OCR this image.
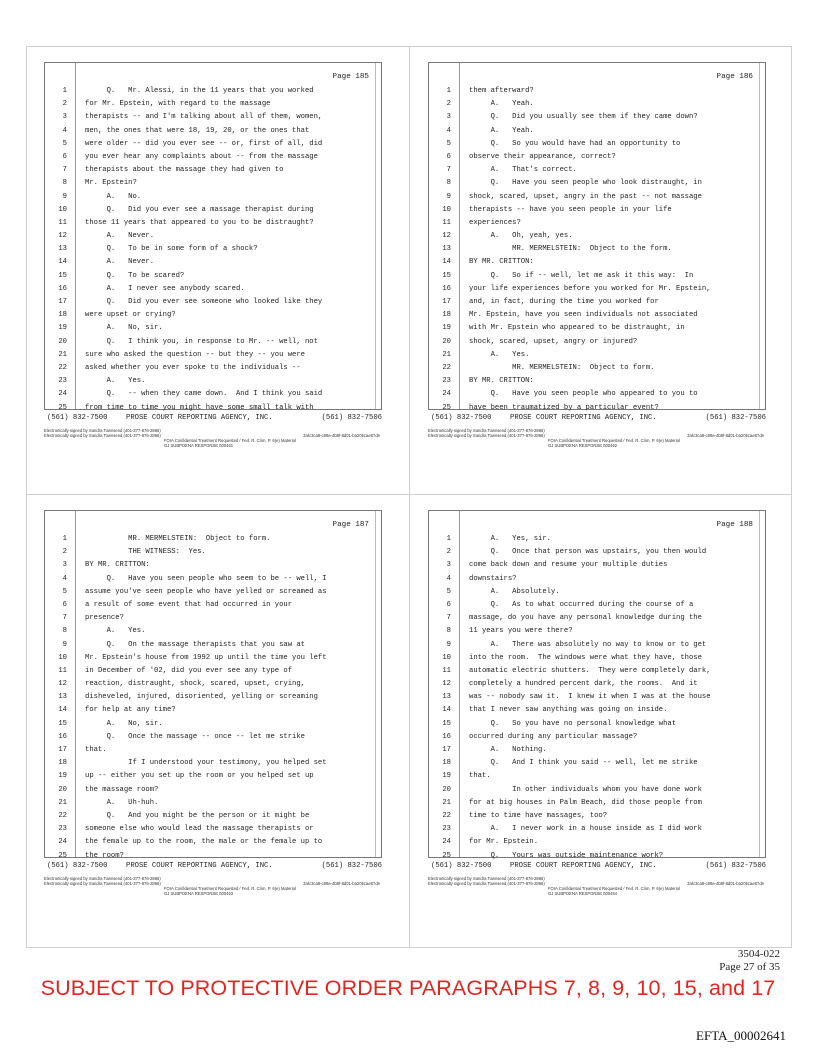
Page 185
1	Q.   Mr. Alessi, in the 11 years that you worked
2	for Mr. Epstein, with regard to the massage
3	therapists -- and I'm talking about all of them, women,
4	men, the ones that were 18, 19, 20, or the ones that
5	were older -- did you ever see -- or, first of all, did
6	you ever hear any complaints about -- from the massage
7	therapists about the massage they had given to
8	Mr. Epstein?
9	A.   No.
10	Q.   Did you ever see a massage therapist during
11	those 11 years that appeared to you to be distraught?
12	A.   Never.
13	Q.   To be in some form of a shock?
14	A.   Never.
15	Q.   To be scared?
16	A.   I never see anybody scared.
17	Q.   Did you ever see someone who looked like they
18	were upset or crying?
19	A.   No, sir.
20	Q.   I think you, in response to Mr. -- well, not
21	sure who asked the question -- but they -- you were
22	asked whether you ever spoke to the individuals --
23	A.   Yes.
24	Q.   -- when they came down.  And I think you said
25	from time to time you might have some small talk with
(561) 832-7500	PROSE COURT REPORTING AGENCY, INC.	(561) 832-7506
Electronically signed by Sandra Townsend (401-377-876-2866)
Electronically signed by Sandra Townsend (401-377-876-2866)
FOIA Confidential Treatment Requested / Fed. R. Crim. P. 6(e) Material

GJ SUBPOENA RESPONSE 000461
3afc3ca8-c89a-4b8f-8d01-ba20bcae87de
Page 186
1	them afterward?
2	A.   Yeah.
3	Q.   Did you usually see them if they came down?
4	A.   Yeah.
5	Q.   So you would have had an opportunity to
6	observe their appearance, correct?
7	A.   That's correct.
8	Q.   Have you seen people who look distraught, in
9	shock, scared, upset, angry in the past -- not massage
10	therapists -- have you seen people in your life
11	experiences?
12	A.   Oh, yeah, yes.
13	MR. MERMELSTEIN:  Object to the form.
14	BY MR. CRITTON:
15	Q.   So if -- well, let me ask it this way:  In
16	your life experiences before you worked for Mr. Epstein,
17	and, in fact, during the time you worked for
18	Mr. Epstein, have you seen individuals not associated
19	with Mr. Epstein who appeared to be distraught, in
20	shock, scared, upset, angry or injured?
21	A.   Yes.
22	MR. MERMELSTEIN:  Object to form.
23	BY MR. CRITTON:
24	Q.   Have you seen people who appeared to you to
25	have been traumatized by a particular event?
(561) 832-7500	PROSE COURT REPORTING AGENCY, INC.	(561) 832-7506
Electronically signed by Sandra Townsend (401-377-876-2866)
Electronically signed by Sandra Townsend (401-377-876-2866)
FOIA Confidential Treatment Requested / Fed. R. Crim. P. 6(e) Material

GJ SUBPOENA RESPONSE 000462
3afc3ca8-c89a-4b8f-8d01-ba20bcae87de
Page 187
1	MR. MERMELSTEIN:  Object to form.
2	THE WITNESS:  Yes.
3	BY MR. CRITTON:
4	Q.   Have you seen people who seem to be -- well, I
5	assume you've seen people who have yelled or screamed as
6	a result of some event that had occurred in your
7	presence?
8	A.   Yes.
9	Q.   On the massage therapists that you saw at
10	Mr. Epstein's house from 1992 up until the time you left
11	in December of '02, did you ever see any type of
12	reaction, distraught, shock, scared, upset, crying,
13	disheveled, injured, disoriented, yelling or screaming
14	for help at any time?
15	A.   No, sir.
16	Q.   Once the massage -- once -- let me strike
17	that.
18	If I understood your testimony, you helped set
19	up -- either you set up the room or you helped set up
20	the massage room?
21	A.   Uh-huh.
22	Q.   And you might be the person or it might be
23	someone else who would lead the massage therapists or
24	the female up to the room, the male or the female up to
25	the room?
(561) 832-7500	PROSE COURT REPORTING AGENCY, INC.	(561) 832-7506
Electronically signed by Sandra Townsend (401-377-876-2866)
Electronically signed by Sandra Townsend (401-377-876-2866)
FOIA Confidential Treatment Requested / Fed. R. Crim. P. 6(e) Material

GJ SUBPOENA RESPONSE 000463
3afc3ca8-c89a-4b8f-8d01-ba20bcae87de
Page 188
1	A.   Yes, sir.
2	Q.   Once that person was upstairs, you then would
3	come back down and resume your multiple duties
4	downstairs?
5	A.   Absolutely.
6	Q.   As to what occurred during the course of a
7	massage, do you have any personal knowledge during the
8	11 years you were there?
9	A.   There was absolutely no way to know or to get
10	into the room.  The windows were what they have, those
11	automatic electric shutters.  They were completely dark,
12	completely a hundred percent dark, the rooms.  And it
13	was -- nobody saw it.  I knew it when I was at the house
14	that I never saw anything was going on inside.
15	Q.   So you have no personal knowledge what
16	occurred during any particular massage?
17	A.   Nothing.
18	Q.   And I think you said -- well, let me strike
19	that.
20	In other individuals whom you have done work
21	for at big houses in Palm Beach, did those people from
22	time to time have massages, too?
23	A.   I never work in a house inside as I did work
24	for Mr. Epstein.
25	Q.   Yours was outside maintenance work?
(561) 832-7500	PROSE COURT REPORTING AGENCY, INC.	(561) 832-7506
Electronically signed by Sandra Townsend (401-377-876-2866)
Electronically signed by Sandra Townsend (401-377-876-2866)
FOIA Confidential Treatment Requested / Fed. R. Crim. P. 6(e) Material

GJ SUBPOENA RESPONSE 000464
3afc3ca8-c89a-4b8f-8d01-ba20bcae87de
3504-022
Page 27 of 35
SUBJECT TO PROTECTIVE ORDER PARAGRAPHS 7, 8, 9, 10, 15, and 17
EFTA_00002641
